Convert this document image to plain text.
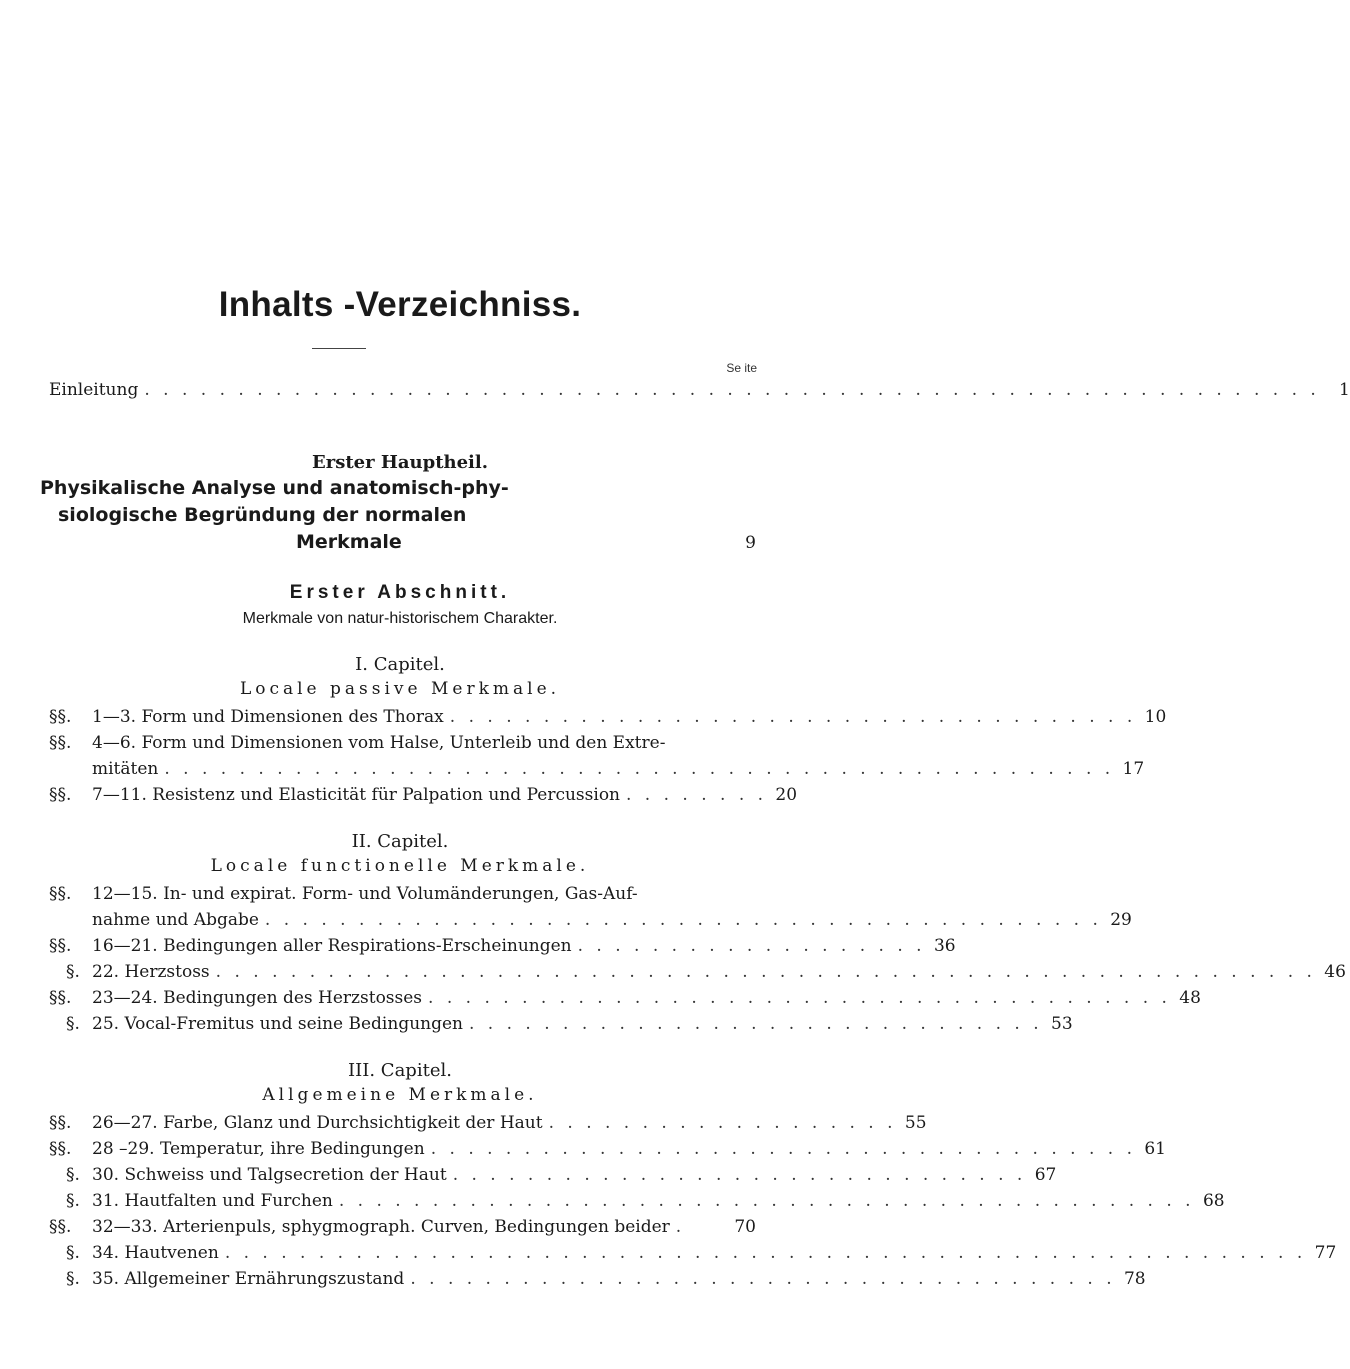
Inhalts -Verzeichniss.
Se ite
Einleitung . . . . . . . . . . . . . . . . . . . . . . . . . . . . . . . . . . . . . . . . . . . . . . . . . . . . . . . . . . . . . . .	1
Erster Hauptheil.
Physikalische Analyse und anatomisch-phy-
siologische Begründung der normalen
Merkmale	9
Erster Abschnitt.
Merkmale von natur-historischem Charakter.
I. Capitel.
Locale passive Merkmale.
§§.	1—3. Form und Dimensionen des Thorax . . . . . . . . . . . . . . . . . . . . . . . . . . . . . . . . . . . . . 10
§§.	4—6. Form und Dimensionen vom Halse, Unterleib und den Extre-
mitäten . . . . . . . . . . . . . . . . . . . . . . . . . . . . . . . . . . . . . . . . . . . . . . . . . . . 17
§§.	7—11. Resistenz und Elasticität für Palpation und Percussion . . . . . . . . 20
II. Capitel.
Locale functionelle Merkmale.
§§.	12—15. In- und expirat. Form- und Volumänderungen, Gas-Auf-
nahme und Abgabe . . . . . . . . . . . . . . . . . . . . . . . . . . . . . . . . . . . . . . . . . . . . . 29
§§.	16—21. Bedingungen aller Respirations-Erscheinungen . . . . . . . . . . . . . . . . . . . 36
§. 22. Herzstoss . . . . . . . . . . . . . . . . . . . . . . . . . . . . . . . . . . . . . . . . . . . . . . . . . . . . . . . . . . . 46
§§.	23—24. Bedingungen des Herzstosses . . . . . . . . . . . . . . . . . . . . . . . . . . . . . . . . . . . . . . . . 48
§. 25. Vocal-Fremitus und seine Bedingungen . . . . . . . . . . . . . . . . . . . . . . . . . . . . . . . 53
III. Capitel.
Allgemeine Merkmale.
§§.	26—27. Farbe, Glanz und Durchsichtigkeit der Haut . . . . . . . . . . . . . . . . . . . 55
§§.	28 –29. Temperatur, ihre Bedingungen . . . . . . . . . . . . . . . . . . . . . . . . . . . . . . . . . . . . . . 61
§. 30. Schweiss und Talgsecretion der Haut . . . . . . . . . . . . . . . . . . . . . . . . . . . . . . . 67
§. 31. Hautfalten und Furchen . . . . . . . . . . . . . . . . . . . . . . . . . . . . . . . . . . . . . . . . . . . . . . 68
§§.	32—33. Arterienpuls, sphygmograph. Curven, Bedingungen beider .	70
§. 34. Hautvenen . . . . . . . . . . . . . . . . . . . . . . . . . . . . . . . . . . . . . . . . . . . . . . . . . . . . . . . . . . 77
§. 35. Allgemeiner Ernährungszustand . . . . . . . . . . . . . . . . . . . . . . . . . . . . . . . . . . . . . . 78
